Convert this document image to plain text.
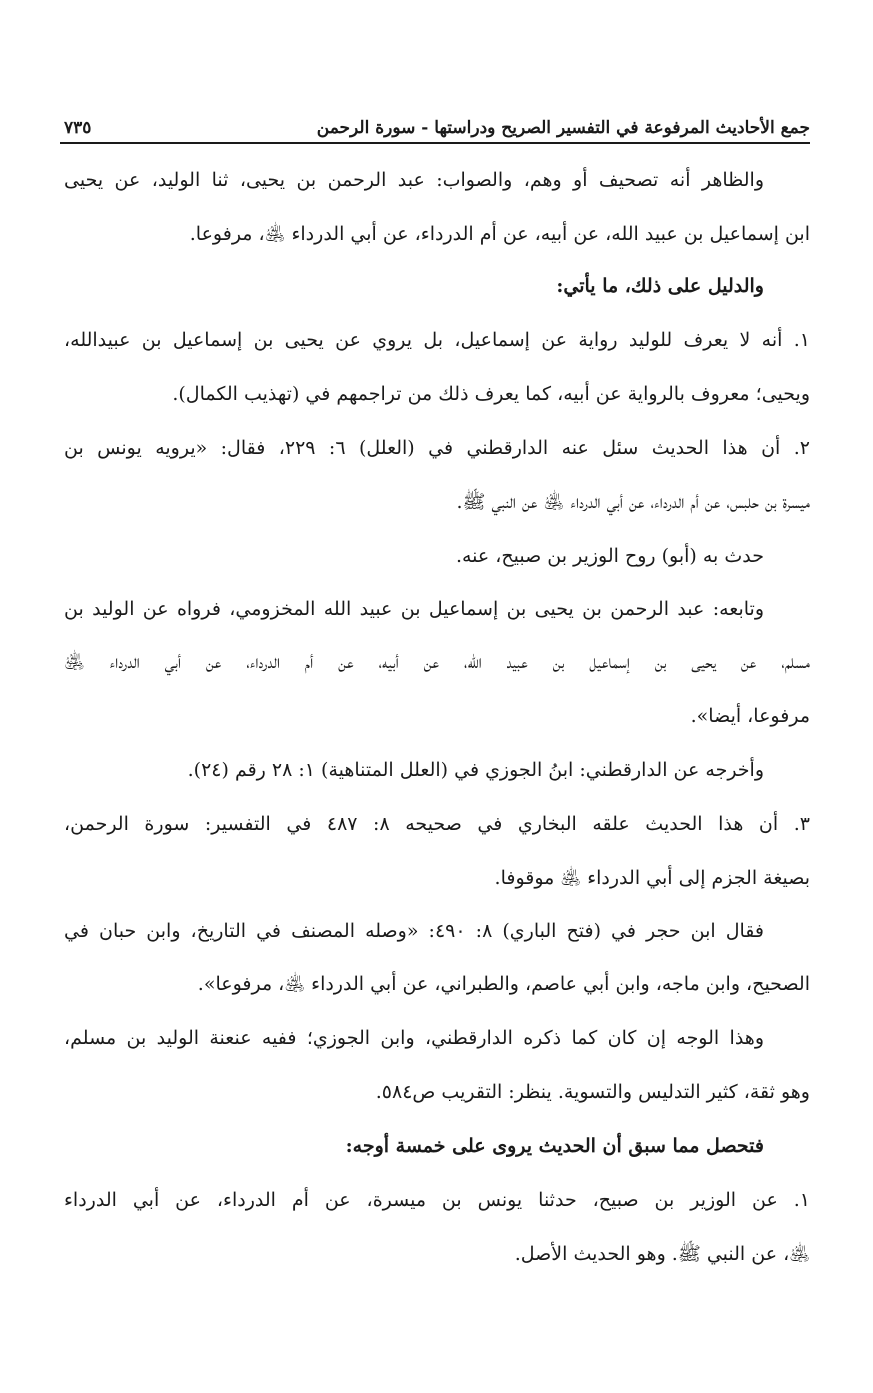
جمع الأحاديث المرفوعة في التفسير الصريح ودراستها - سورة الرحمن
٧٣٥
والظاهر أنه تصحيف أو وهم، والصواب: عبد الرحمن بن يحيى، ثنا الوليد، عن يحيى
ابن إسماعيل بن عبيد الله، عن أبيه، عن أم الدرداء، عن أبي الدرداء ﵁، مرفوعا.
والدليل على ذلك، ما يأتي:
١. أنه لا يعرف للوليد رواية عن إسماعيل، بل يروي عن يحيى بن إسماعيل بن عبيدالله،
ويحيى؛ معروف بالرواية عن أبيه، كما يعرف ذلك من تراجمهم في (تهذيب الكمال).
٢. أن هذا الحديث سئل عنه الدارقطني في (العلل) ٦: ٢٢٩، فقال: «يرويه يونس بن
ميسرة بن حلبس، عن أم الدرداء، عن أبي الدرداء ﵁ عن النبي ﷺ.
حدث به (أبو) روح الوزير بن صبيح، عنه.
وتابعه: عبد الرحمن بن يحيى بن إسماعيل بن عبيد الله المخزومي، فرواه عن الوليد بن
مسلم، عن يحيى بن إسماعيل بن عبيد الله، عن أبيه، عن أم الدرداء، عن أبي الدرداء ﵁
مرفوعا، أيضا».
وأخرجه عن الدارقطني: ابنُ الجوزي في (العلل المتناهية) ١: ٢٨ رقم (٢٤).
٣. أن هذا الحديث علقه البخاري في صحيحه ٨: ٤٨٧ في التفسير: سورة الرحمن،
بصيغة الجزم إلى أبي الدرداء ﵁ موقوفا.
فقال ابن حجر في (فتح الباري) ٨: ٤٩٠: «وصله المصنف في التاريخ، وابن حبان في
الصحيح، وابن ماجه، وابن أبي عاصم، والطبراني، عن أبي الدرداء ﵁، مرفوعا».
وهذا الوجه إن كان كما ذكره الدارقطني، وابن الجوزي؛ ففيه عنعنة الوليد بن مسلم،
وهو ثقة، كثير التدليس والتسوية. ينظر: التقريب ص٥٨٤.
فتحصل مما سبق أن الحديث يروى على خمسة أوجه:
١. عن الوزير بن صبيح، حدثنا يونس بن ميسرة، عن أم الدرداء، عن أبي الدرداء
﵁، عن النبي ﷺ. وهو الحديث الأصل.
